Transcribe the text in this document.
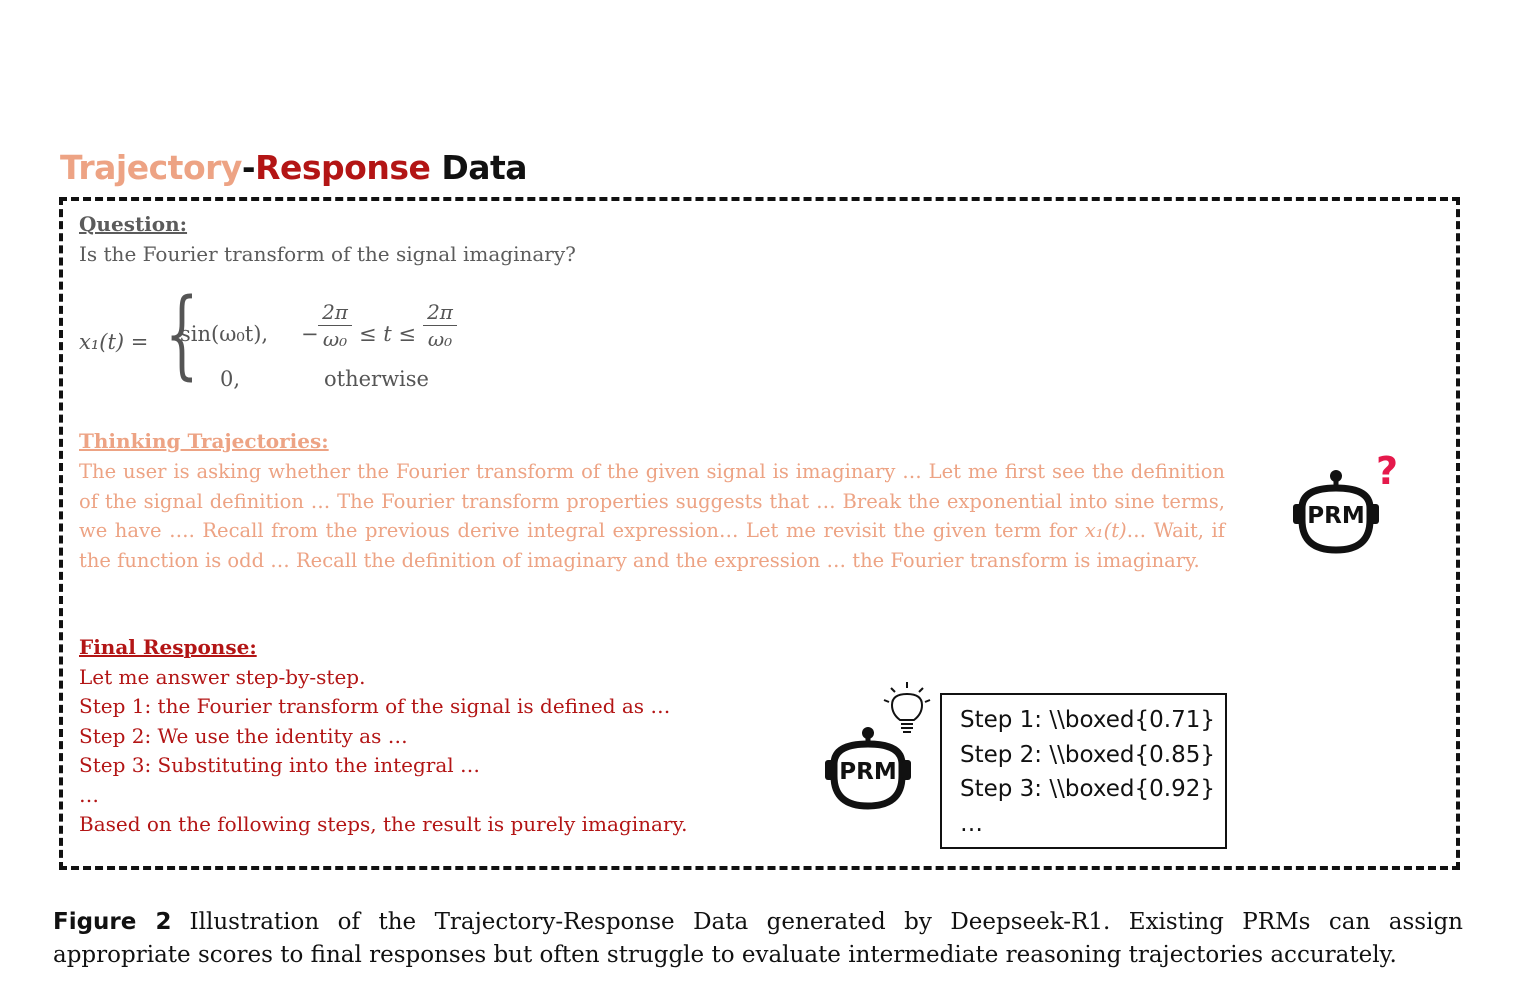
Trajectory-Response Data
Question:
Is the Fourier transform of the signal imaginary?
x₁(t) = {
sin(ω₀t), −
2π
ω₀ ≤ t ≤
2π
ω₀
0,	otherwise
Thinking Trajectories:
The user is asking whether the Fourier transform of the given signal is imaginary … Let me first see the definition of the signal definition … The Fourier transform properties suggests that … Break the exponential into sine terms, we have …. Recall from the previous derive integral expression… Let me revisit the given term for x₁(t)… Wait, if the function is odd … Recall the definition of imaginary and the expression … the Fourier transform is imaginary.
PRM
?
Final Response:
Let me answer step-by-step.
Step 1: the Fourier transform of the signal is defined as …
Step 2: We use the identity as …
Step 3: Substituting into the integral …
…
Based on the following steps, the result is purely imaginary.
PRM
Step 1: \\boxed{0.71}
Step 2: \\boxed{0.85}
Step 3: \\boxed{0.92}
…
Figure 2 Illustration of the Trajectory-Response Data generated by Deepseek-R1. Existing PRMs can assign appropriate scores to final responses but often struggle to evaluate intermediate reasoning trajectories accurately.
